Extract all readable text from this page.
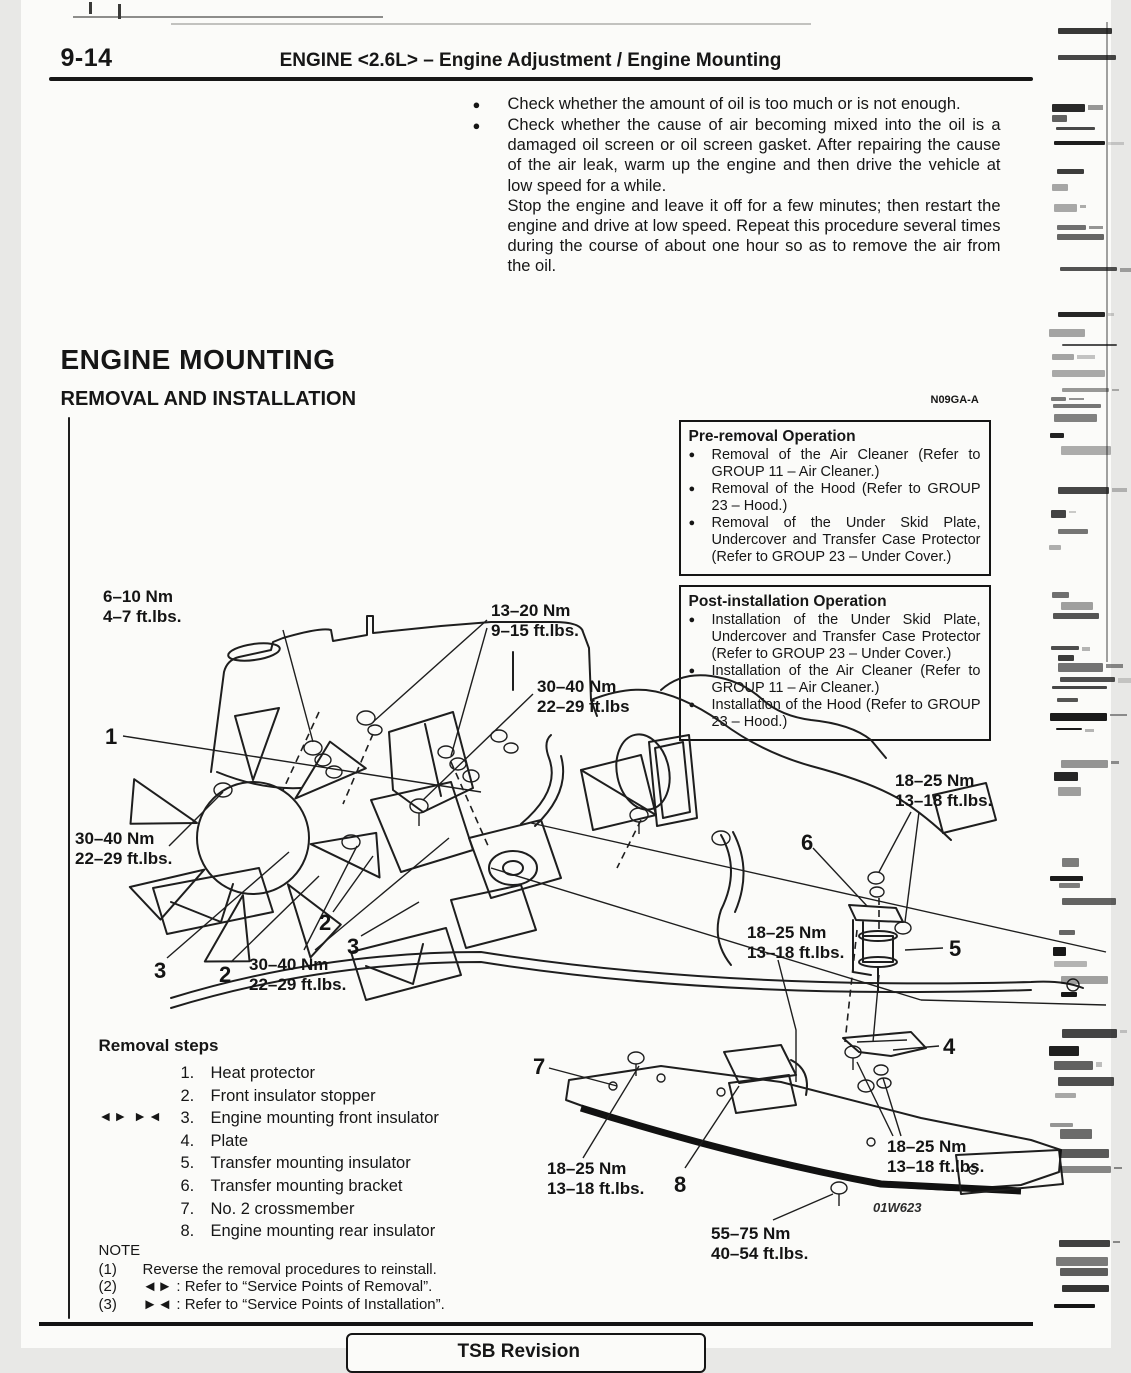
9-14	ENGINE <2.6L> – Engine Adjustment / Engine Mounting
●	Check whether the amount of oil is too much or is not enough.
●	Check whether the cause of air becoming mixed into the oil is a damaged oil screen or oil screen gasket. After repairing the cause of the air leak, warm up the engine and then drive the vehicle at low speed for a while.

Stop the engine and leave it off for a few minutes; then restart the engine and drive at low speed. Repeat this procedure several times during the course of about one hour so as to remove the air from the oil.

ENGINE MOUNTING
REMOVAL AND INSTALLATION	N09GA-A
Pre-removal Operation
●	Removal of the Air Cleaner (Refer to GROUP 11 – Air Cleaner.)
●	Removal of the Hood (Refer to GROUP 23 – Hood.)
●	Removal of the Under Skid Plate, Undercover and Transfer Case Protector (Refer to GROUP 23 – Under Cover.)
Post-installation Operation
●	Installation of the Under Skid Plate, Undercover and Transfer Case Protector (Refer to GROUP 23 – Under Cover.)
●	Installation of the Air Cleaner (Refer to GROUP 11 – Air Cleaner.)
●	Installation of the Hood (Refer to GROUP 23 – Hood.)
6–10 Nm
4–7 ft.lbs.	13–20 Nm
9–15 ft.lbs.
30–40 Nm
22–29 ft.lbs
30–40 Nm
22–29 ft.lbs.
30–40 Nm
22–29 ft.lbs.
18–25 Nm
13–18 ft.lbs.
18–25 Nm
13–18 ft.lbs.
18–25 Nm
13–18 ft.lbs.
18–25 Nm
13–18 ft.lbs.
55–75 Nm
40–54 ft.lbs.
1
3 2
2
3
6
5
4
7
8
01W623
Removal steps
1. Heat protector
2. Front insulator stopper
◄► ►◄	3. Engine mounting front insulator
4. Plate
5. Transfer mounting insulator
6. Transfer mounting bracket
7. No. 2 crossmember
8. Engine mounting rear insulator
NOTE
(1)	Reverse the removal procedures to reinstall.
(2)	◄► : Refer to “Service Points of Removal”.
(3)	►◄ : Refer to “Service Points of Installation”.
TSB Revision
